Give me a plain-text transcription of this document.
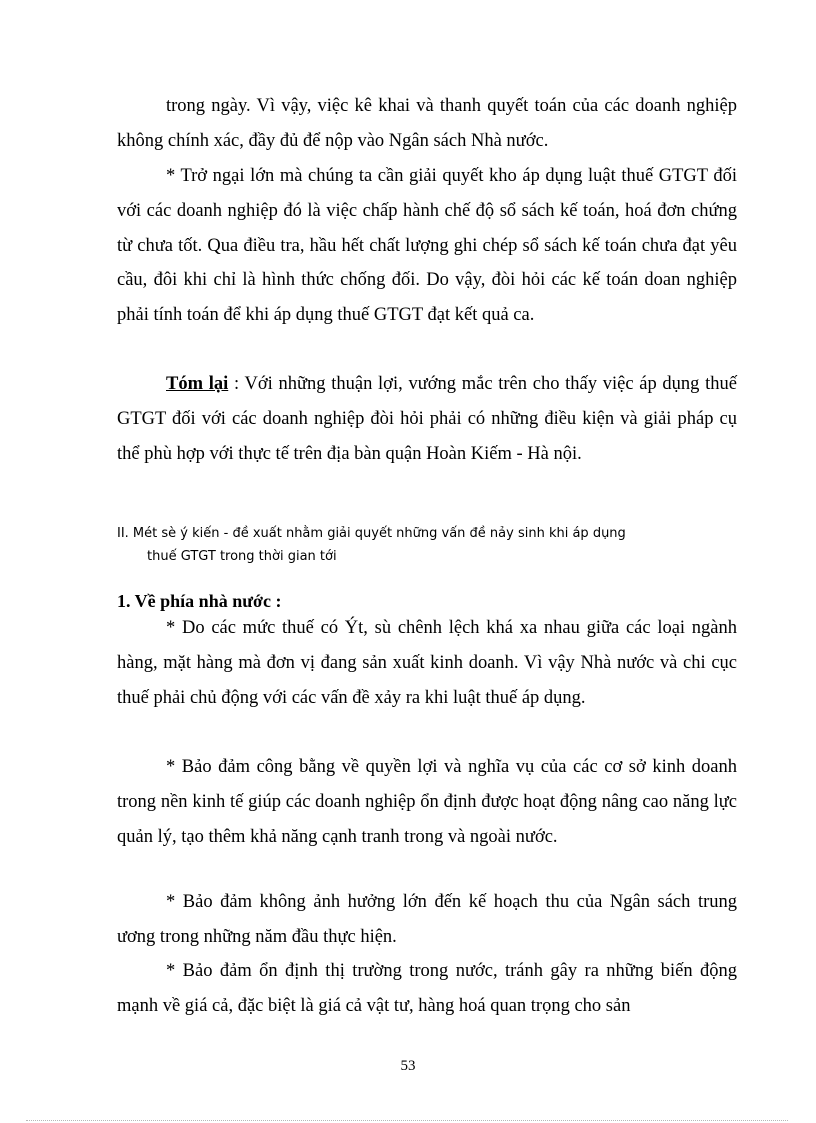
trong ngày. Vì vậy, việc kê khai và thanh quyết toán của các doanh nghiệp không chính xác, đầy đủ để nộp vào Ngân sách Nhà nước.

* Trở ngại lớn mà chúng ta cần giải quyết kho áp dụng luật thuế GTGT đối với các doanh nghiệp đó là việc chấp hành chế độ sổ sách kế toán, hoá đơn chứng từ chưa tốt. Qua điều tra, hầu hết chất lượng ghi chép sổ sách kế toán chưa đạt yêu cầu, đôi khi chỉ là hình thức chống đối. Do vậy, đòi hỏi các kế toán doan nghiệp phải tính toán để khi áp dụng thuế GTGT đạt kết quả ca.

Tóm lại : Với những thuận lợi, vướng mắc trên cho thấy việc áp dụng thuế GTGT đối với các doanh nghiệp đòi hỏi phải có những điều kiện và giải pháp cụ thể phù hợp với thực tế trên địa bàn quận Hoàn Kiếm - Hà nội.

II. Mét sè ý kiến - đề xuất nhằm giải quyết những vấn đề nảy sinh khi áp dụng
thuế GTGT trong thời gian tới
1. Về phía nhà nước :

* Do các mức thuế có Ýt, sù chênh lệch khá xa nhau giữa các loại ngành hàng, mặt hàng mà đơn vị đang sản xuất kinh doanh. Vì vậy Nhà nước và chi cục thuế phải chủ động với các vấn đề xảy ra khi luật thuế áp dụng.

* Bảo đảm công bằng về quyền lợi và nghĩa vụ của các cơ sở kinh doanh trong nền kinh tế giúp các doanh nghiệp ổn định được hoạt động nâng cao năng lực quản lý, tạo thêm khả năng cạnh tranh trong và ngoài nước.

* Bảo đảm không ảnh hưởng lớn đến kế hoạch thu của Ngân sách trung ương trong những năm đầu thực hiện.

* Bảo đảm ổn định thị trường trong nước, tránh gây ra những biến động mạnh về giá cả, đặc biệt là giá cả vật tư, hàng hoá quan trọng cho sản

53
